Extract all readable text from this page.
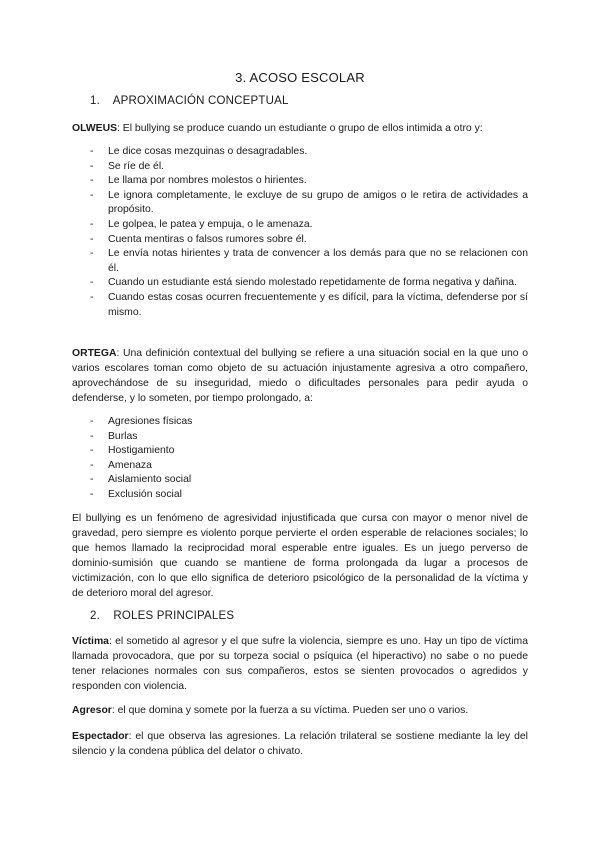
3. ACOSO ESCOLAR
1. APROXIMACIÓN CONCEPTUAL

OLWEUS: El bullying se produce cuando un estudiante o grupo de ellos intimida a otro y:

- Le dice cosas mezquinas o desagradables.
- Se ríe de él.
- Le llama por nombres molestos o hirientes.
- Le ignora completamente, le excluye de su grupo de amigos o le retira de actividades a propósito.
- Le golpea, le patea y empuja, o le amenaza.
- Cuenta mentiras o falsos rumores sobre él.
- Le envía notas hirientes y trata de convencer a los demás para que no se relacionen con él.
- Cuando un estudiante está siendo molestado repetidamente de forma negativa y dañina.
- Cuando estas cosas ocurren frecuentemente y es difícil, para la víctima, defenderse por sí mismo.

ORTEGA: Una definición contextual del bullying se refiere a una situación social en la que uno o varios escolares toman como objeto de su actuación injustamente agresiva a otro compañero, aprovechándose de su inseguridad, miedo o dificultades personales para pedir ayuda o defenderse, y lo someten, por tiempo prolongado, a:

- Agresiones físicas
- Burlas
- Hostigamiento
- Amenaza
- Aislamiento social
- Exclusión social

El bullying es un fenómeno de agresividad injustificada que cursa con mayor o menor nivel de gravedad, pero siempre es violento porque pervierte el orden esperable de relaciones sociales; lo que hemos llamado la reciprocidad moral esperable entre iguales. Es un juego perverso de dominio-sumisión que cuando se mantiene de forma prolongada da lugar a procesos de victimización, con lo que ello significa de deterioro psicológico de la personalidad de la víctima y de deterioro moral del agresor.

2. ROLES PRINCIPALES

Víctima: el sometido al agresor y el que sufre la violencia, siempre es uno. Hay un tipo de víctima llamada provocadora, que por su torpeza social o psíquica (el hiperactivo) no sabe o no puede tener relaciones normales con sus compañeros, estos se sienten provocados o agredidos y responden con violencia.

Agresor: el que domina y somete por la fuerza a su víctima. Pueden ser uno o varios.

Espectador: el que observa las agresiones. La relación trilateral se sostiene mediante la ley del silencio y la condena pública del delator o chivato.
